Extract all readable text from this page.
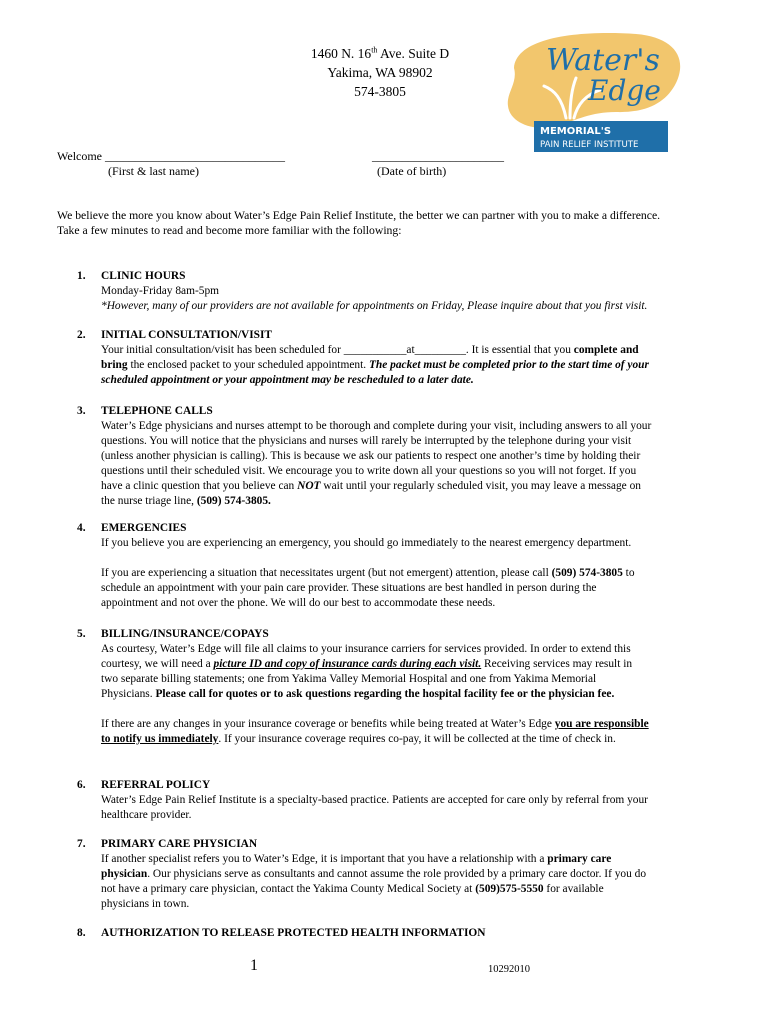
1460 N. 16th Ave. Suite D
Yakima, WA 98902
574-3805
Water's
Edge
MEMORIAL'S
PAIN RELIEF INSTITUTE
Welcome ______________________________
(First & last name)
______________________
(Date of birth)
We believe the more you know about Water’s Edge Pain Relief Institute, the better we can partner with you to make a difference.
Take a few minutes to read and become more familiar with the following:
1. CLINIC HOURS
Monday-Friday 8am-5pm
*However, many of our providers are not available for appointments on Friday, Please inquire about that you first visit.
2. INITIAL CONSULTATION/VISIT
Your initial consultation/visit has been scheduled for ___________at_________. It is essential that you complete and
bring the enclosed packet to your scheduled appointment. The packet must be completed prior to the start time of your
scheduled appointment or your appointment may be rescheduled to a later date.
3. TELEPHONE CALLS
Water’s Edge physicians and nurses attempt to be thorough and complete during your visit, including answers to all your
questions. You will notice that the physicians and nurses will rarely be interrupted by the telephone during your visit
(unless another physician is calling). This is because we ask our patients to respect one another’s time by holding their
questions until their scheduled visit. We encourage you to write down all your questions so you will not forget. If you
have a clinic question that you believe can NOT wait until your regularly scheduled visit, you may leave a message on
the nurse triage line, (509) 574-3805.
4. EMERGENCIES
If you believe you are experiencing an emergency, you should go immediately to the nearest emergency department.
If you are experiencing a situation that necessitates urgent (but not emergent) attention, please call (509) 574-3805 to
schedule an appointment with your pain care provider. These situations are best handled in person during the
appointment and not over the phone. We will do our best to accommodate these needs.
5. BILLING/INSURANCE/COPAYS
As courtesy, Water’s Edge will file all claims to your insurance carriers for services provided. In order to extend this
courtesy, we will need a picture ID and copy of insurance cards during each visit. Receiving services may result in
two separate billing statements; one from Yakima Valley Memorial Hospital and one from Yakima Memorial
Physicians. Please call for quotes or to ask questions regarding the hospital facility fee or the physician fee.
If there are any changes in your insurance coverage or benefits while being treated at Water’s Edge you are responsible
to notify us immediately. If your insurance coverage requires co-pay, it will be collected at the time of check in.
6. REFERRAL POLICY
Water’s Edge Pain Relief Institute is a specialty-based practice. Patients are accepted for care only by referral from your
healthcare provider.
7. PRIMARY CARE PHYSICIAN
If another specialist refers you to Water’s Edge, it is important that you have a relationship with a primary care
physician. Our physicians serve as consultants and cannot assume the role provided by a primary care doctor. If you do
not have a primary care physician, contact the Yakima County Medical Society at (509)575-5550 for available
physicians in town.
8. AUTHORIZATION TO RELEASE PROTECTED HEALTH INFORMATION
1	10292010
